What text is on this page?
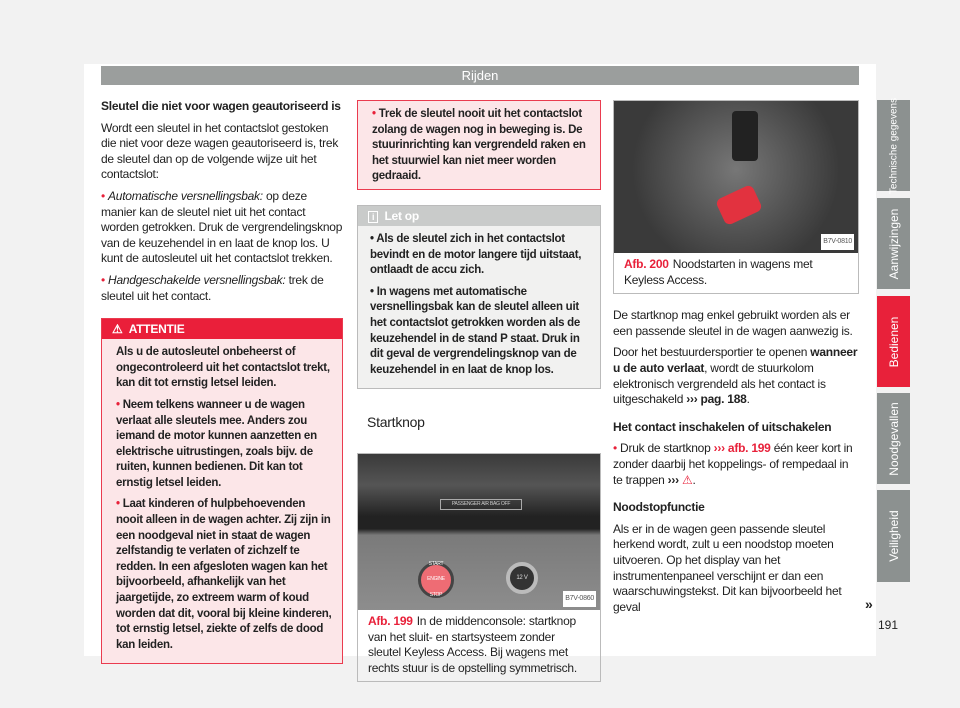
Rijden

Sleutel die niet voor wagen geautoriseerd is

Wordt een sleutel in het contactslot gestoken die niet voor deze wagen geautoriseerd is, trek de sleutel dan op de volgende wijze uit het contactslot:

• Automatische versnellingsbak: op deze manier kan de sleutel niet uit het contact worden getrokken. Druk de vergrendelingsknop van de keuzehendel in en laat de knop los. U kunt de autosleutel uit het contactslot trekken.

• Handgeschakelde versnellingsbak: trek de sleutel uit het contact.

⚠  ATTENTIE

Als u de autosleutel onbeheerst of ongecontroleerd uit het contactslot trekt, kan dit tot ernstig letsel leiden.

• Neem telkens wanneer u de wagen verlaat alle sleutels mee. Anders zou iemand de motor kunnen aanzetten en elektrische uitrustingen, zoals bijv. de ruiten, kunnen bedienen. Dit kan tot ernstig letsel leiden.

• Laat kinderen of hulpbehoevenden nooit alleen in de wagen achter. Zij zijn in een noodgeval niet in staat de wagen zelfstandig te verlaten of zichzelf te redden. In een afgesloten wagen kan het bijvoorbeeld, afhankelijk van het jaargetijde, zo extreem warm of koud worden dat dit, vooral bij kleine kinderen, tot ernstig letsel, ziekte of zelfs de dood kan leiden.

• Trek de sleutel nooit uit het contactslot zolang de wagen nog in beweging is. De stuurinrichting kan vergrendeld raken en het stuurwiel kan niet meer worden gedraaid.
i Let op

• Als de sleutel zich in het contactslot bevindt en de motor langere tijd uitstaat, ontlaadt de accu zich.

• In wagens met automatische versnellingsbak kan de sleutel alleen uit het contactslot getrokken worden als de keuzehendel in de stand P staat. Druk in dit geval de vergrendelingsknop van de keuzehendel in en laat de knop los.

Startknop
PASSENGER AIR BAG OFF
START ENGINE STOP
12 V
B7V-0860
Afb. 199 In de middenconsole: startknop van het sluit- en startsysteem zonder sleutel Keyless Access. Bij wagens met rechts stuur is de opstelling symmetrisch.
B7V-0810
Afb. 200 Noodstarten in wagens met Keyless Access.

De startknop mag enkel gebruikt worden als er een passende sleutel in de wagen aanwezig is.

Door het bestuurdersportier te openen wanneer u de auto verlaat, wordt de stuurkolom elektronisch vergrendeld als het contact is uitgeschakeld ››› pag. 188.

Het contact inschakelen of uitschakelen

• Druk de startknop ››› afb. 199 één keer kort in zonder daarbij het koppelings- of rempedaal in te trappen ››› ⚠.

Noodstopfunctie

Als er in de wagen geen passende sleutel herkend wordt, zult u een noodstop moeten uitvoeren. Op het display van het instrumentenpaneel verschijnt er dan een waarschuwingstekst. Dit kan bijvoorbeeld het geval	»
Technische gegevens
Aanwijzingen
Bedienen
Noodgevallen
Veiligheid
191
